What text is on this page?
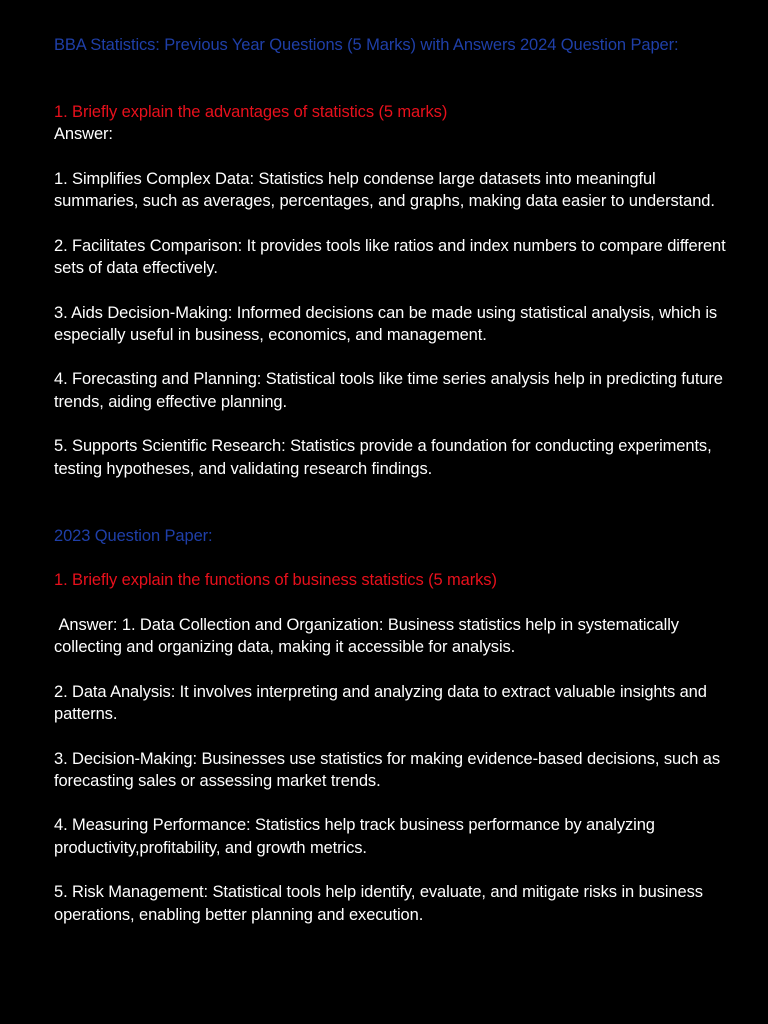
BBA Statistics: Previous Year Questions (5 Marks) with Answers 2024 Question Paper:

1. Briefly explain the advantages of statistics (5 marks)

Answer:

1. Simplifies Complex Data: Statistics help condense large datasets into meaningful summaries, such as averages, percentages, and graphs, making data easier to understand.

2. Facilitates Comparison: It provides tools like ratios and index numbers to compare different sets of data effectively.

3. Aids Decision-Making: Informed decisions can be made using statistical analysis, which is especially useful in business, economics, and management.

4. Forecasting and Planning: Statistical tools like time series analysis help in predicting future trends, aiding effective planning.

5. Supports Scientific Research: Statistics provide a foundation for conducting experiments, testing hypotheses, and validating research findings.

2023 Question Paper:

1. Briefly explain the functions of business statistics (5 marks)

Answer: 1. Data Collection and Organization: Business statistics help in systematically collecting and organizing data, making it accessible for analysis.

2. Data Analysis: It involves interpreting and analyzing data to extract valuable insights and patterns.

3. Decision-Making: Businesses use statistics for making evidence-based decisions, such as forecasting sales or assessing market trends.

4. Measuring Performance: Statistics help track business performance by analyzing productivity,profitability, and growth metrics.

5. Risk Management: Statistical tools help identify, evaluate, and mitigate risks in business operations, enabling better planning and execution.
